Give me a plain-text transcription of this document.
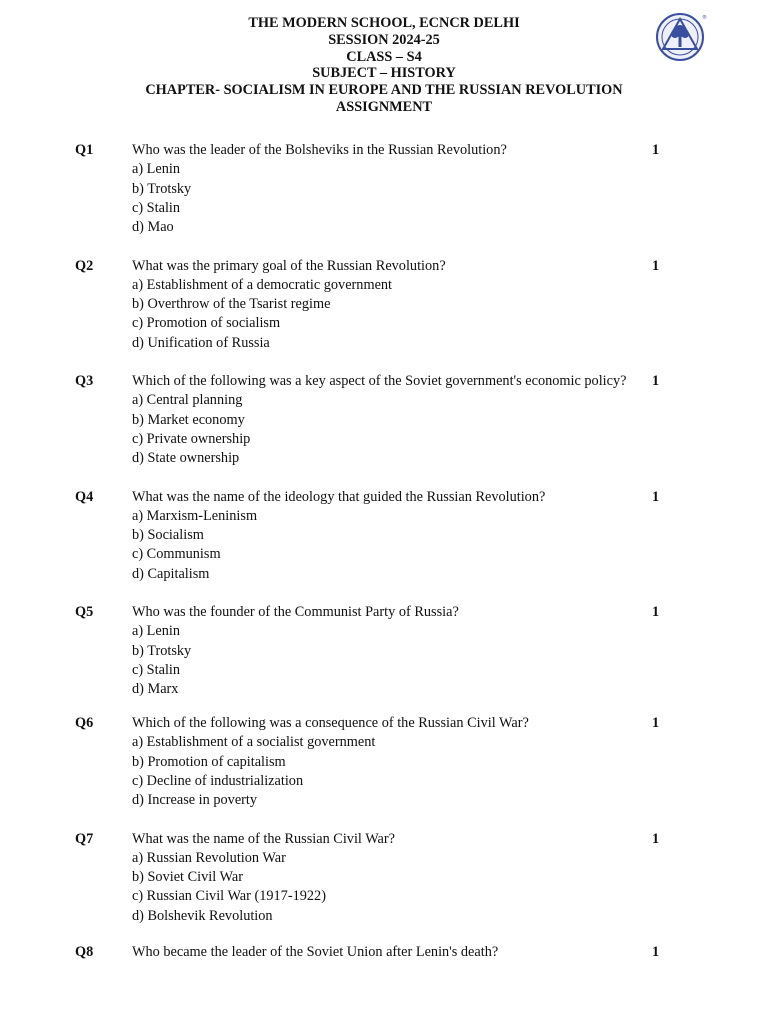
THE MODERN SCHOOL, ECNCR DELHI
SESSION 2024-25
CLASS – S4
SUBJECT – HISTORY
CHAPTER- SOCIALISM IN EUROPE AND THE RUSSIAN REVOLUTION
ASSIGNMENT
®
Q1	Who was the leader of the Bolsheviks in the Russian Revolution?	1
a) Lenin
b) Trotsky
c) Stalin
d) Mao
Q2	What was the primary goal of the Russian Revolution?	1
a) Establishment of a democratic government
b) Overthrow of the Tsarist regime
c) Promotion of socialism
d) Unification of Russia
Q3	Which of the following was a key aspect of the Soviet government's economic policy? 1
a) Central planning
b) Market economy
c) Private ownership
d) State ownership
Q4	What was the name of the ideology that guided the Russian Revolution?	1
a) Marxism-Leninism
b) Socialism
c) Communism
d) Capitalism
Q5	Who was the founder of the Communist Party of Russia?	1
a) Lenin
b) Trotsky
c) Stalin
d) Marx
Q6	Which of the following was a consequence of the Russian Civil War?	1
a) Establishment of a socialist government
b) Promotion of capitalism
c) Decline of industrialization
d) Increase in poverty
Q7	What was the name of the Russian Civil War?	1
a) Russian Revolution War
b) Soviet Civil War
c) Russian Civil War (1917-1922)
d) Bolshevik Revolution
Q8	Who became the leader of the Soviet Union after Lenin's death?	1
